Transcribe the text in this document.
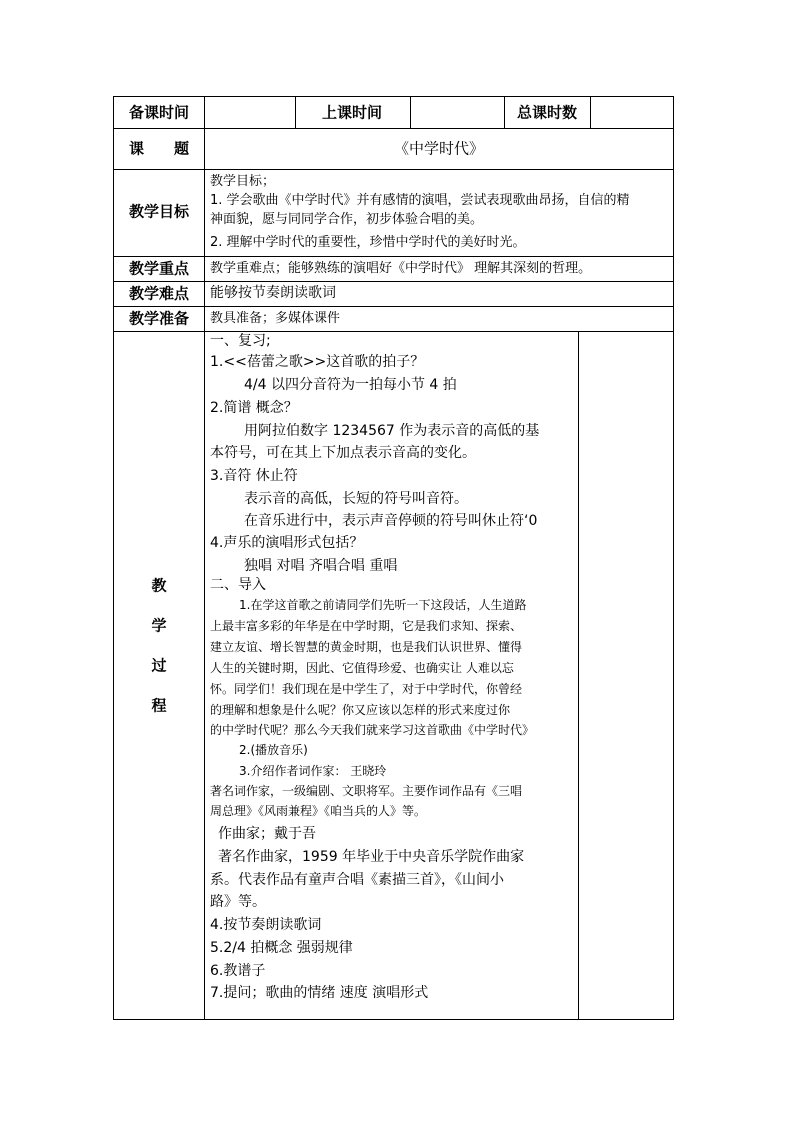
备课时间	上课时间	总课时数
课　　题	《中学时代》
教学目标
教学目标；
1. 学会歌曲《中学时代》并有感情的演唱，尝试表现歌曲昂扬，自信的精
神面貌，愿与同同学合作，初步体验合唱的美。
2. 理解中学时代的重要性，珍惜中学时代的美好时光。
教学重点 教学重难点；能够熟练的演唱好《中学时代》 理解其深刻的哲理。
教学难点 能够按节奏朗读歌词
教学准备 教具准备；多媒体课件
教
学
过
程
一、复习;
1.<<蓓蕾之歌>>这首歌的拍子？
4/4 以四分音符为一拍每小节 4 拍
2.简谱 概念？
用阿拉伯数字 1234567 作为表示音的高低的基
本符号，可在其上下加点表示音高的变化。
3.音符 休止符
表示音的高低，长短的符号叫音符。
在音乐进行中，表示声音停顿的符号叫休止符‘0
4.声乐的演唱形式包括？
独唱 对唱 齐唱合唱 重唱
二、导入
1.在学这首歌之前请同学们先听一下这段话，人生道路
上最丰富多彩的年华是在中学时期，它是我们求知、探索、
建立友谊、增长智慧的黄金时期，也是我们认识世界、懂得
人生的关键时期，因此、它值得珍爱、也确实让 人难以忘
怀。同学们！我们现在是中学生了，对于中学时代，你曾经
的理解和想象是什么呢？你又应该以怎样的形式来度过你
的中学时代呢？那么今天我们就来学习这首歌曲《中学时代》
2.(播放音乐)
3.介绍作者词作家： 王晓玲
著名词作家，一级编剧、文职将军。主要作词作品有《三唱
周总理》《风雨兼程》《咱当兵的人》等。
作曲家；戴于吾
著名作曲家，1959 年毕业于中央音乐学院作曲家
系。代表作品有童声合唱《素描三首》，《山间小
路》等。
4.按节奏朗读歌词
5.2/4 拍概念 强弱规律
6.教谱子
7.提问；歌曲的情绪 速度 演唱形式
